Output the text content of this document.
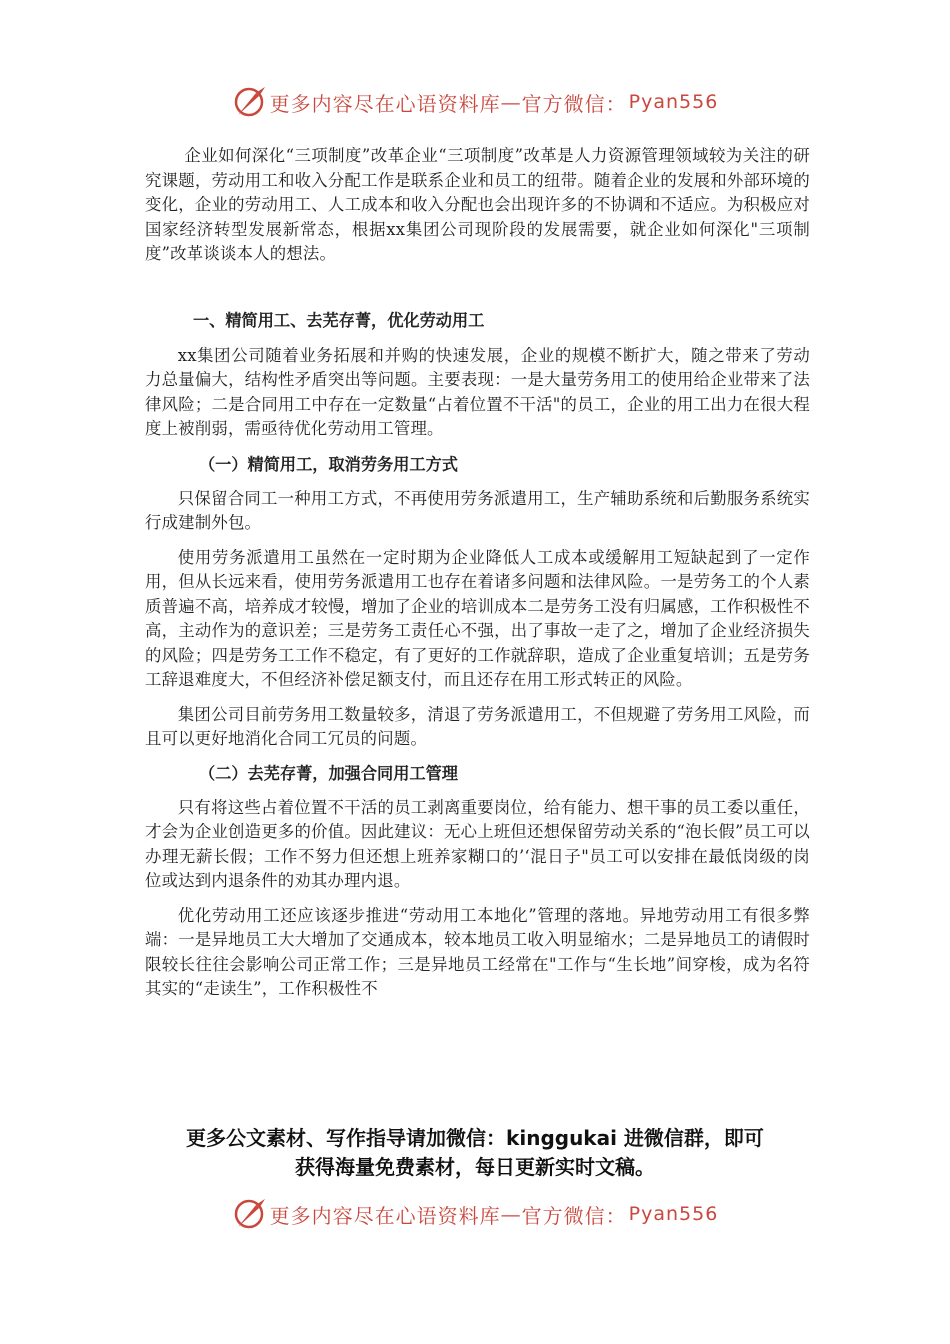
更多内容尽在心语资料库 — 官方微信： Pyan556

企业如何深化“三项制度”改革企业“三项制度”改革是人力资源管理领域较为关注的研究课题，劳动用工和收入分配工作是联系企业和员工的纽带。随着企业的发展和外部环境的变化，企业的劳动用工、人工成本和收入分配也会出现许多的不协调和不适应。为积极应对国家经济转型发展新常态，根据xx集团公司现阶段的发展需要，就企业如何深化"三项制度”改革谈谈本人的想法。

一、精简用工、去芜存菁，优化劳动用工

xx集团公司随着业务拓展和并购的快速发展，企业的规模不断扩大，随之带来了劳动力总量偏大，结构性矛盾突出等问题。主要表现：一是大量劳务用工的使用给企业带来了法律风险；二是合同用工中存在一定数量“占着位置不干活"的员工，企业的用工出力在很大程度上被削弱，需亟待优化劳动用工管理。

（一）精简用工，取消劳务用工方式

只保留合同工一种用工方式，不再使用劳务派遣用工，生产辅助系统和后勤服务系统实行成建制外包。

使用劳务派遣用工虽然在一定时期为企业降低人工成本或缓解用工短缺起到了一定作用，但从长远来看，使用劳务派遣用工也存在着诸多问题和法律风险。一是劳务工的个人素质普遍不高，培养成才较慢，增加了企业的培训成本二是劳务工没有归属感，工作积极性不高，主动作为的意识差；三是劳务工责任心不强，出了事故一走了之，增加了企业经济损失的风险；四是劳务工工作不稳定，有了更好的工作就辞职，造成了企业重复培训；五是劳务工辞退难度大，不但经济补偿足额支付，而且还存在用工形式转正的风险。

集团公司目前劳务用工数量较多，清退了劳务派遣用工，不但规避了劳务用工风险，而且可以更好地消化合同工冗员的问题。

（二）去芜存菁，加强合同用工管理

只有将这些占着位置不干活的员工剥离重要岗位，给有能力、想干事的员工委以重任，才会为企业创造更多的价值。因此建议：无心上班但还想保留劳动关系的“泡长假”员工可以办理无薪长假；工作不努力但还想上班养家糊口的’‘混日子"员工可以安排在最低岗级的岗位或达到内退条件的劝其办理内退。

优化劳动用工还应该逐步推进“劳动用工本地化”管理的落地。异地劳动用工有很多弊端：一是异地员工大大增加了交通成本，较本地员工收入明显缩水；二是异地员工的请假时限较长往往会影响公司正常工作；三是异地员工经常在"工作与“生长地”间穿梭，成为名符其实的“走读生”，工作积极性不

更多公文素材、写作指导请加微信：kinggukai 进微信群，即可
获得海量免费素材，每日更新实时文稿。
更多内容尽在心语资料库 — 官方微信： Pyan556
